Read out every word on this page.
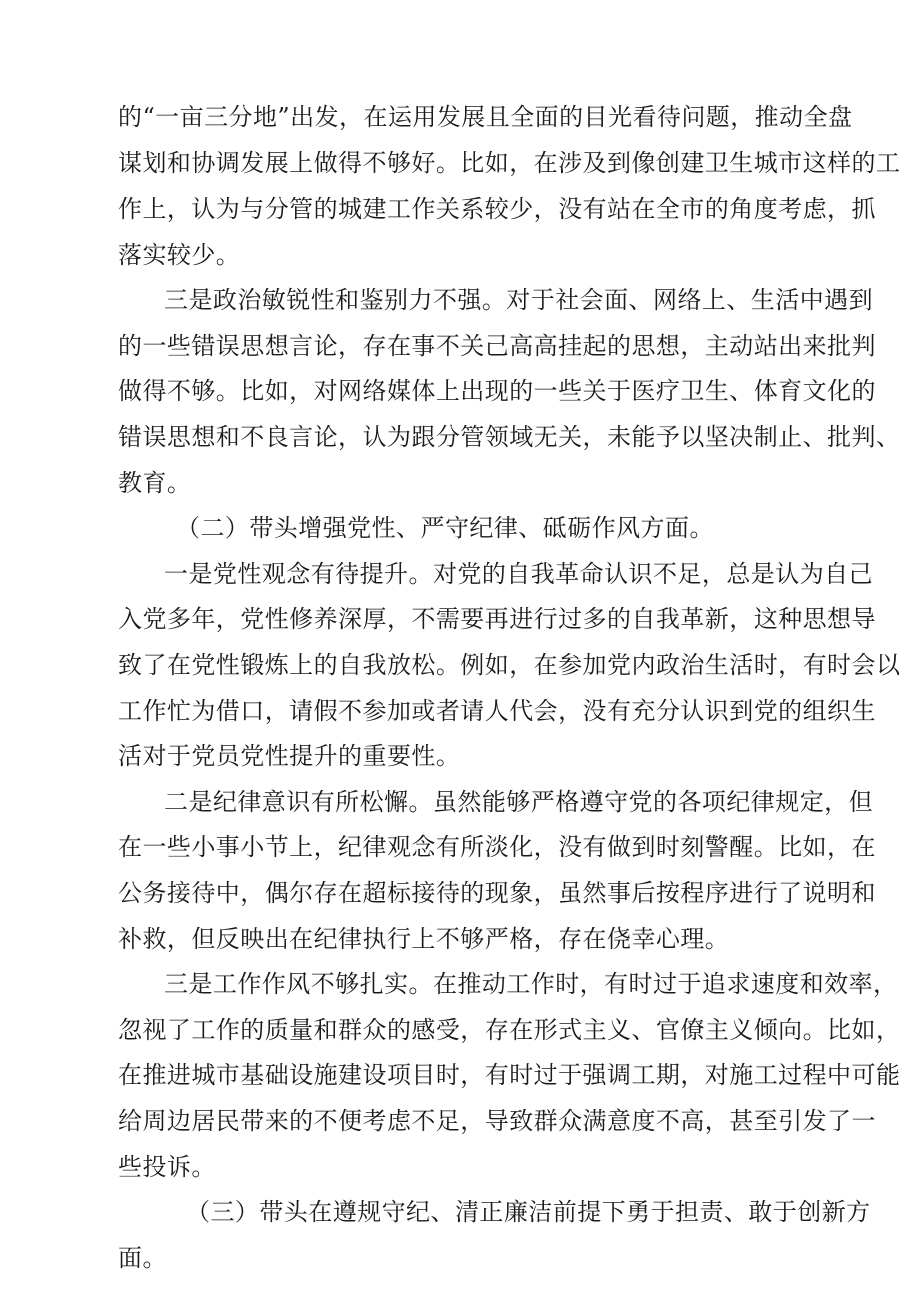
的“一亩三分地”出发，在运用发展且全面的目光看待问题，推动全盘
谋划和协调发展上做得不够好。比如，在涉及到像创建卫生城市这样的工
作上，认为与分管的城建工作关系较少，没有站在全市的角度考虑，抓
落实较少。
三是政治敏锐性和鉴别力不强。对于社会面、网络上、生活中遇到
的一些错误思想言论，存在事不关己高高挂起的思想，主动站出来批判
做得不够。比如，对网络媒体上出现的一些关于医疗卫生、体育文化的
错误思想和不良言论，认为跟分管领域无关，未能予以坚决制止、批判、
教育。
（二）带头增强党性、严守纪律、砥砺作风方面。
一是党性观念有待提升。对党的自我革命认识不足，总是认为自己
入党多年，党性修养深厚，不需要再进行过多的自我革新，这种思想导
致了在党性锻炼上的自我放松。例如，在参加党内政治生活时，有时会以
工作忙为借口，请假不参加或者请人代会，没有充分认识到党的组织生
活对于党员党性提升的重要性。
二是纪律意识有所松懈。虽然能够严格遵守党的各项纪律规定，但
在一些小事小节上，纪律观念有所淡化，没有做到时刻警醒。比如，在
公务接待中，偶尔存在超标接待的现象，虽然事后按程序进行了说明和
补救，但反映出在纪律执行上不够严格，存在侥幸心理。
三是工作作风不够扎实。在推动工作时，有时过于追求速度和效率，
忽视了工作的质量和群众的感受，存在形式主义、官僚主义倾向。比如，
在推进城市基础设施建设项目时，有时过于强调工期，对施工过程中可能
给周边居民带来的不便考虑不足，导致群众满意度不高，甚至引发了一
些投诉。
（三）带头在遵规守纪、清正廉洁前提下勇于担责、敢于创新方
面。
